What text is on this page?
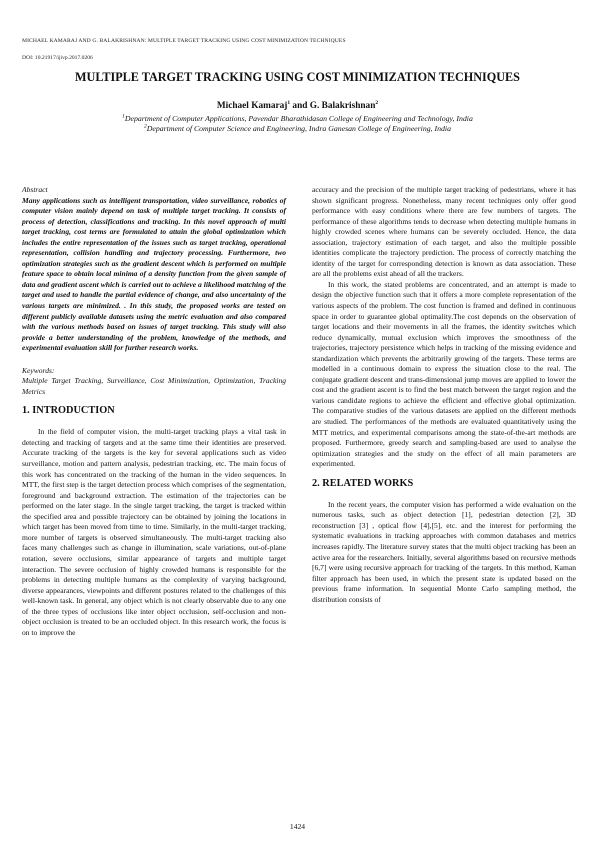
MICHAEL KAMARAJ AND G. BALAKRISHNAN: MULTIPLE TARGET TRACKING USING COST MINIMIZATION TECHNIQUES
DOI: 10.21917/ijivp.2017.0206
MULTIPLE TARGET TRACKING USING COST MINIMIZATION TECHNIQUES
Michael Kamaraj$^1$ and G. Balakrishnan$^2$
$^1$Department of Computer Applications, Pavendar Bharathidasan College of Engineering and Technology, India
$^2$Department of Computer Science and Engineering, Indra Ganesan College of Engineering, India

Abstract

Many applications such as intelligent transportation, video surveillance, robotics of computer vision mainly depend on task of multiple target tracking. It consists of process of detection, classifications and tracking. In this novel approach of multi target tracking, cost terms are formulated to attain the global optimization which includes the entire representation of the issues such as target tracking, operational representation, collision handling and trajectory processing. Furthermore, two optimization strategies such as the gradient descent which is performed on multiple feature space to obtain local minima of a density function from the given sample of data and gradient ascent which is carried out to achieve a likelihood matching of the target and used to handle the partial evidence of change, and also uncertainty of the various targets are minimized. . In this study, the proposed works are tested on different publicly available datasets using the metric evaluation and also compared with the various methods based on issues of target tracking. This study will also provide a better understanding of the problem, knowledge of the methods, and experimental evaluation skill for further research works.

Keywords:

Multiple Target Tracking, Surveillance, Cost Minimization, Optimization, Tracking Metrics

1. INTRODUCTION

In the field of computer vision, the multi-target tracking plays a vital task in detecting and tracking of targets and at the same time their identities are preserved. Accurate tracking of the targets is the key for several applications such as video surveillance, motion and pattern analysis, pedestrian tracking, etc. The main focus of this work has concentrated on the tracking of the human in the video sequences. In MTT, the first step is the target detection process which comprises of the segmentation, foreground and background extraction. The estimation of the trajectories can be performed on the later stage. In the single target tracking, the target is tracked within the specified area and possible trajectory can be obtained by joining the locations in which target has been moved from time to time. Similarly, in the multi-target tracking, more number of targets is observed simultaneously. The multi-target tracking also faces many challenges such as change in illumination, scale variations, out-of-plane rotation, severe occlusions, similar appearance of targets and multiple target interaction. The severe occlusion of highly crowded humans is responsible for the problems in detecting multiple humans as the complexity of varying background, diverse appearances, viewpoints and different postures related to the challenges of this well-known task. In general, any object which is not clearly observable due to any one of the three types of occlusions like inter object occlusion, self-occlusion and non-object occlusion is treated to be an occluded object. In this research work, the focus is on to improve the

accuracy and the precision of the multiple target tracking of pedestrians, where it has shown significant progress. Nonetheless, many recent techniques only offer good performance with easy conditions where there are few numbers of targets. The performance of these algorithms tends to decrease when detecting multiple humans in highly crowded scenes where humans can be severely occluded. Hence, the data association, trajectory estimation of each target, and also the multiple possible identities complicate the trajectory prediction. The process of correctly matching the identity of the target for corresponding detection is known as data association. These are all the problems exist ahead of all the trackers.

In this work, the stated problems are concentrated, and an attempt is made to design the objective function such that it offers a more complete representation of the various aspects of the problem. The cost function is framed and defined in continuous space in order to guarantee global optimality.The cost depends on the observation of target locations and their movements in all the frames, the identity switches which reduce dynamically, mutual exclusion which improves the smoothness of the trajectories, trajectory persistence which helps in tracking of the missing evidence and standardization which prevents the arbitrarily growing of the targets. These terms are modelled in a continuous domain to express the situation close to the real. The conjugate gradient descent and trans-dimensional jump moves are applied to lower the cost and the gradient ascent is to find the best match between the target region and the various candidate regions to achieve the efficient and effective global optimization. The comparative studies of the various datasets are applied on the different methods are studied. The performances of the methods are evaluated quantitatively using the MTT metrics, and experimental comparisons among the state-of-the-art methods are proposed. Furthermore, greedy search and sampling-based are used to analyse the optimization strategies and the study on the effect of all main parameters are experimented.

2. RELATED WORKS

In the recent years, the computer vision has performed a wide evaluation on the numerous tasks, such as object detection [1], pedestrian detection [2], 3D reconstruction [3] , optical flow [4],[5], etc. and the interest for performing the systematic evaluations in tracking approaches with common databases and metrics increases rapidly. The literature survey states that the multi object tracking has been an active area for the researchers. Initially, several algorithms based on recursive methods [6,7] were using recursive approach for tracking of the targets. In this method, Kaman filter approach has been used, in which the present state is updated based on the previous frame information. In sequential Monte Carlo sampling method, the distribution consists of

1424
